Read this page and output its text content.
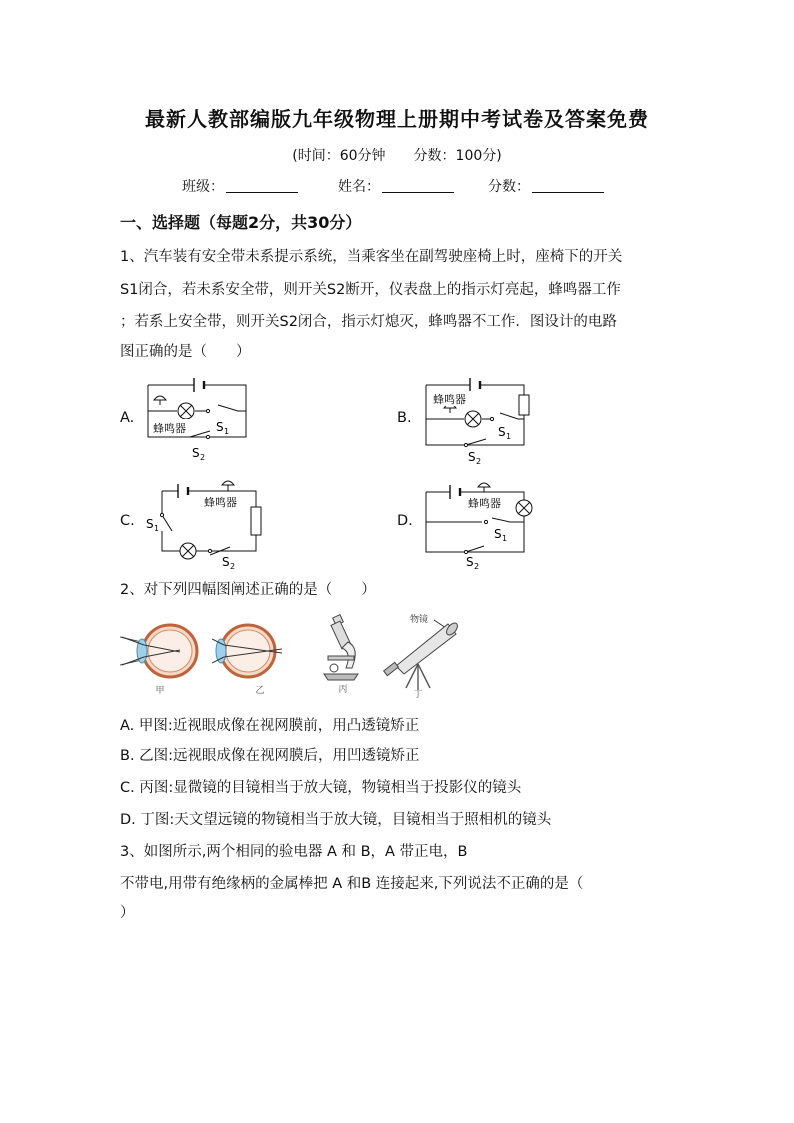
最新人教部编版九年级物理上册期中考试卷及答案免费
(时间：60分钟　　分数：100分)
班级：	姓名：	分数：
一、选择题（每题2分，共30分）
1、汽车装有安全带未系提示系统，当乘客坐在副驾驶座椅上时，座椅下的开关
S1闭合，若未系安全带，则开关S2断开，仪表盘上的指示灯亮起，蜂鸣器工作
；若系上安全带，则开关S2闭合，指示灯熄灭，蜂鸣器不工作．图设计的电路
图正确的是（　　）
A.	B.
C.	D.
蜂鸣器	S 1
S 2
蜂鸣器
S 1
S 2
蜂鸣器
S 1
S 2
蜂鸣器
S 1
S 2
2、对下列四幅图阐述正确的是（　　）
甲	乙	丙
物镜
丁
A. 甲图:近视眼成像在视网膜前，用凸透镜矫正
B. 乙图:远视眼成像在视网膜后，用凹透镜矫正
C. 丙图:显微镜的目镜相当于放大镜，物镜相当于投影仪的镜头
D. 丁图:天文望远镜的物镜相当于放大镜，目镜相当于照相机的镜头
3、如图所示,两个相同的验电器 A 和 B，A 带正电，B
不带电,用带有绝缘柄的金属棒把 A 和B 连接起来,下列说法不正确的是（
）
